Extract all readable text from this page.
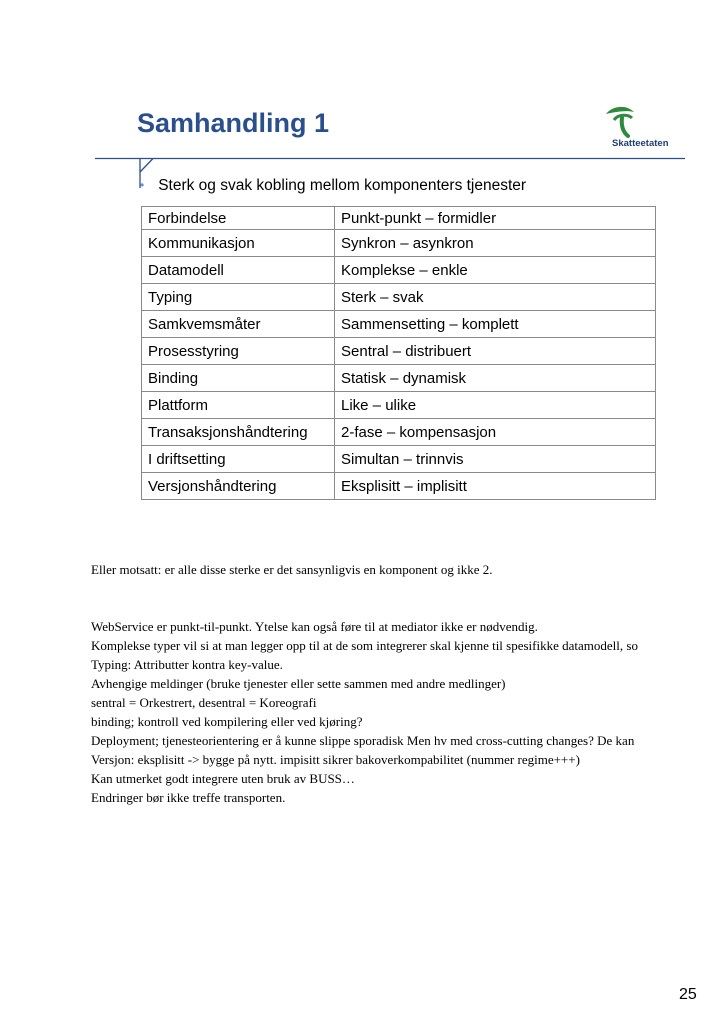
Samhandling 1
Skatteetaten
• Sterk og svak kobling mellom komponenters tjenester
Forbindelse	Punkt-punkt – formidler
Kommunikasjon	Synkron – asynkron
Datamodell	Komplekse – enkle
Typing	Sterk – svak
Samkvemsmåter	Sammensetting – komplett
Prosesstyring	Sentral – distribuert
Binding	Statisk – dynamisk
Plattform	Like – ulike
Transaksjonshåndtering	2-fase – kompensasjon
I driftsetting	Simultan – trinnvis
Versjonshåndtering	Eksplisitt – implisitt

Eller motsatt: er alle disse sterke er det sansynligvis en komponent og ikke 2.

WebService er punkt-til-punkt. Ytelse kan også føre til at mediator ikke er nødvendig.

Komplekse typer vil si at man legger opp til at de som integrerer skal kjenne til spesifikke datamodell, so

Typing: Attributter kontra key-value.

Avhengige meldinger (bruke tjenester eller sette sammen med andre medlinger)

sentral = Orkestrert, desentral = Koreografi

binding; kontroll ved kompilering eller ved kjøring?

Deployment; tjenesteorientering er å kunne slippe sporadisk Men hv med cross-cutting changes? De kan

Versjon: eksplisitt -> bygge på nytt. impisitt sikrer bakoverkompabilitet (nummer regime+++)

Kan utmerket godt integrere uten bruk av BUSS…

Endringer bør ikke treffe transporten.

25
